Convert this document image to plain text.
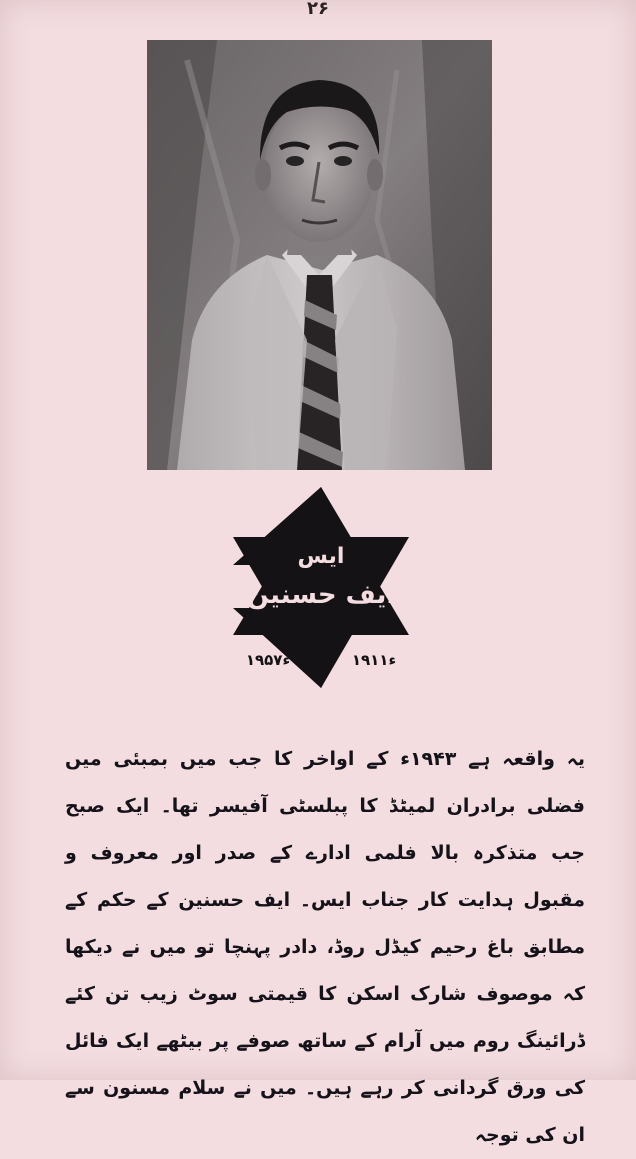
۲۶
ایس
ایف حسنین
۱۹۵۷ء	۱۹۱۱ء

یہ واقعہ ہے ۱۹۴۳ء کے اواخر کا جب میں بمبئی میں فضلی برادران لمیٹڈ کا پبلسٹی آفیسر تھا۔ ایک صبح جب متذکرہ بالا فلمی ادارے کے صدر اور معروف و مقبول ہدایت کار جناب ایس۔ ایف حسنین کے حکم کے مطابق باغ رحیم کیڈل روڈ، دادر پہنچا تو میں نے دیکھا کہ موصوف شارک اسکن کا قیمتی سوٹ زیب تن کئے ڈرائینگ روم میں آرام کے ساتھ صوفے پر بیٹھے ایک فائل کی ورق گردانی کر رہے ہیں۔ میں نے سلام مسنون سے ان کی توجہ
